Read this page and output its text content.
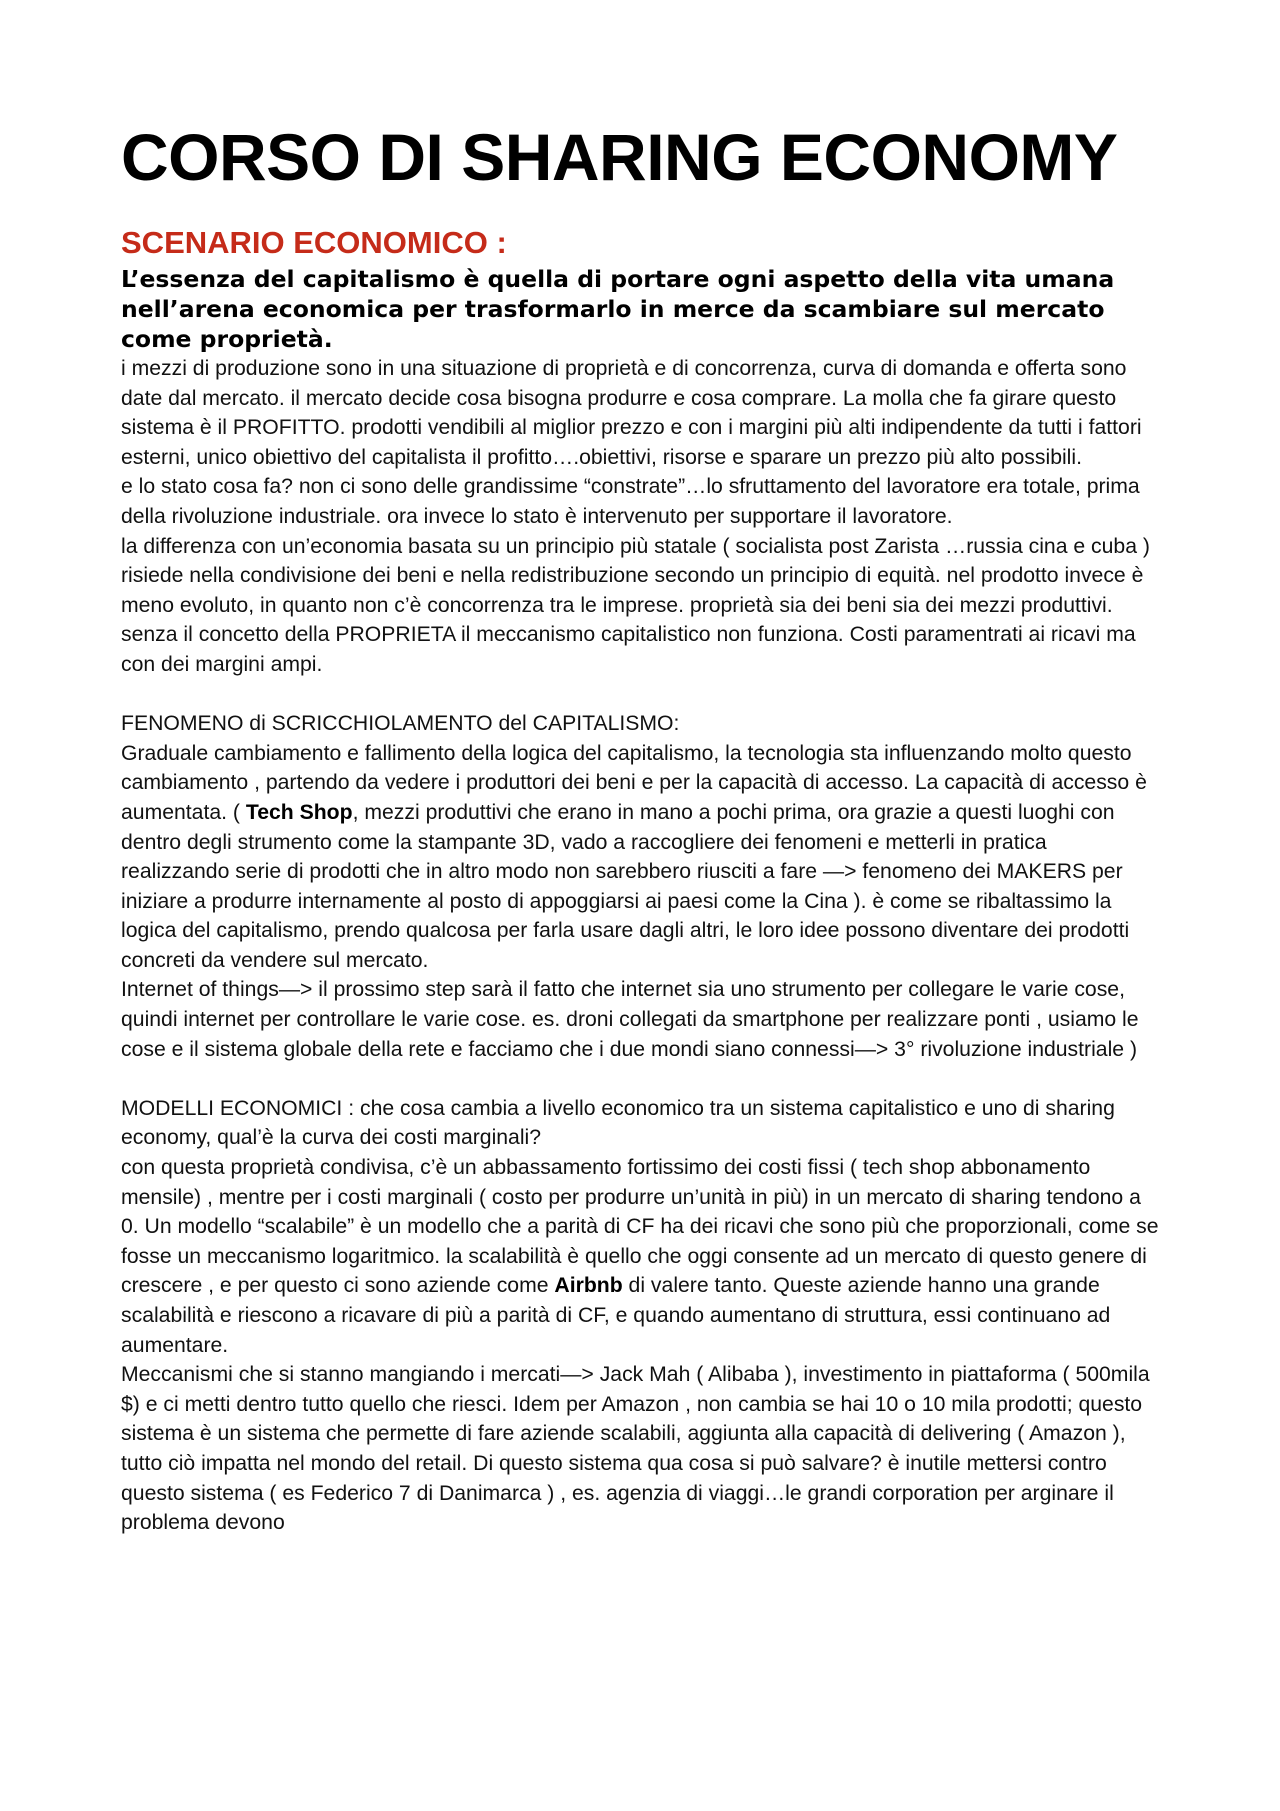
CORSO DI SHARING ECONOMY
SCENARIO ECONOMICO :

L’essenza del capitalismo è quella di portare ogni aspetto della vita umana nell’arena economica per trasformarlo in merce da scambiare sul mercato come proprietà.

i mezzi di produzione sono in una situazione di proprietà e di concorrenza, curva di domanda e offerta sono date dal mercato. il mercato decide cosa bisogna produrre e cosa comprare. La molla che fa girare questo sistema è il PROFITTO. prodotti vendibili al miglior prezzo e con i margini più alti indipendente da tutti i fattori esterni, unico obiettivo del capitalista il profitto….obiettivi, risorse e sparare un prezzo più alto possibili.

e lo stato cosa fa? non ci sono delle grandissime “constrate”…lo sfruttamento del lavoratore era totale, prima della rivoluzione industriale. ora invece lo stato è intervenuto per supportare il lavoratore.

la differenza con un’economia basata su un principio più statale ( socialista post Zarista …russia cina e cuba ) risiede nella condivisione dei beni e nella redistribuzione secondo un principio di equità. nel prodotto invece è meno evoluto, in quanto non c’è concorrenza tra le imprese. proprietà sia dei beni sia dei mezzi produttivi. senza il concetto della PROPRIETA il meccanismo capitalistico non funziona. Costi paramentrati ai ricavi ma con dei margini ampi.

FENOMENO di SCRICCHIOLAMENTO del CAPITALISMO:

Graduale cambiamento e fallimento della logica del capitalismo, la tecnologia sta influenzando molto questo cambiamento , partendo da vedere i produttori dei beni e per la capacità di accesso. La capacità di accesso è aumentata. ( Tech Shop, mezzi produttivi che erano in mano a pochi prima, ora grazie a questi luoghi con dentro degli strumento come la stampante 3D, vado a raccogliere dei fenomeni e metterli in pratica realizzando serie di prodotti che in altro modo non sarebbero riusciti a fare —> fenomeno dei MAKERS per iniziare a produrre internamente al posto di appoggiarsi ai paesi come la Cina ). è come se ribaltassimo la logica del capitalismo, prendo qualcosa per farla usare dagli altri, le loro idee possono diventare dei prodotti concreti da vendere sul mercato.

Internet of things—> il prossimo step sarà il fatto che internet sia uno strumento per collegare le varie cose, quindi internet per controllare le varie cose. es. droni collegati da smartphone per realizzare ponti , usiamo le cose e il sistema globale della rete e facciamo che i due mondi siano connessi—> 3° rivoluzione industriale )

MODELLI ECONOMICI : che cosa cambia a livello economico tra un sistema capitalistico e uno di sharing economy, qual’è la curva dei costi marginali?

con questa proprietà condivisa, c’è un abbassamento fortissimo dei costi fissi ( tech shop abbonamento mensile) , mentre per i costi marginali ( costo per produrre un’unità in più) in un mercato di sharing tendono a 0. Un modello “scalabile” è un modello che a parità di CF ha dei ricavi che sono più che proporzionali, come se fosse un meccanismo logaritmico. la scalabilità è quello che oggi consente ad un mercato di questo genere di crescere , e per questo ci sono aziende come Airbnb di valere tanto. Queste aziende hanno una grande scalabilità e riescono a ricavare di più a parità di CF, e quando aumentano di struttura, essi continuano ad aumentare.

Meccanismi che si stanno mangiando i mercati—> Jack Mah ( Alibaba ), investimento in piattaforma ( 500mila $) e ci metti dentro tutto quello che riesci. Idem per Amazon , non cambia se hai 10 o 10 mila prodotti; questo sistema è un sistema che permette di fare aziende scalabili, aggiunta alla capacità di delivering ( Amazon ), tutto ciò impatta nel mondo del retail. Di questo sistema qua cosa si può salvare? è inutile mettersi contro questo sistema ( es Federico 7 di Danimarca ) , es. agenzia di viaggi…le grandi corporation per arginare il problema devono
